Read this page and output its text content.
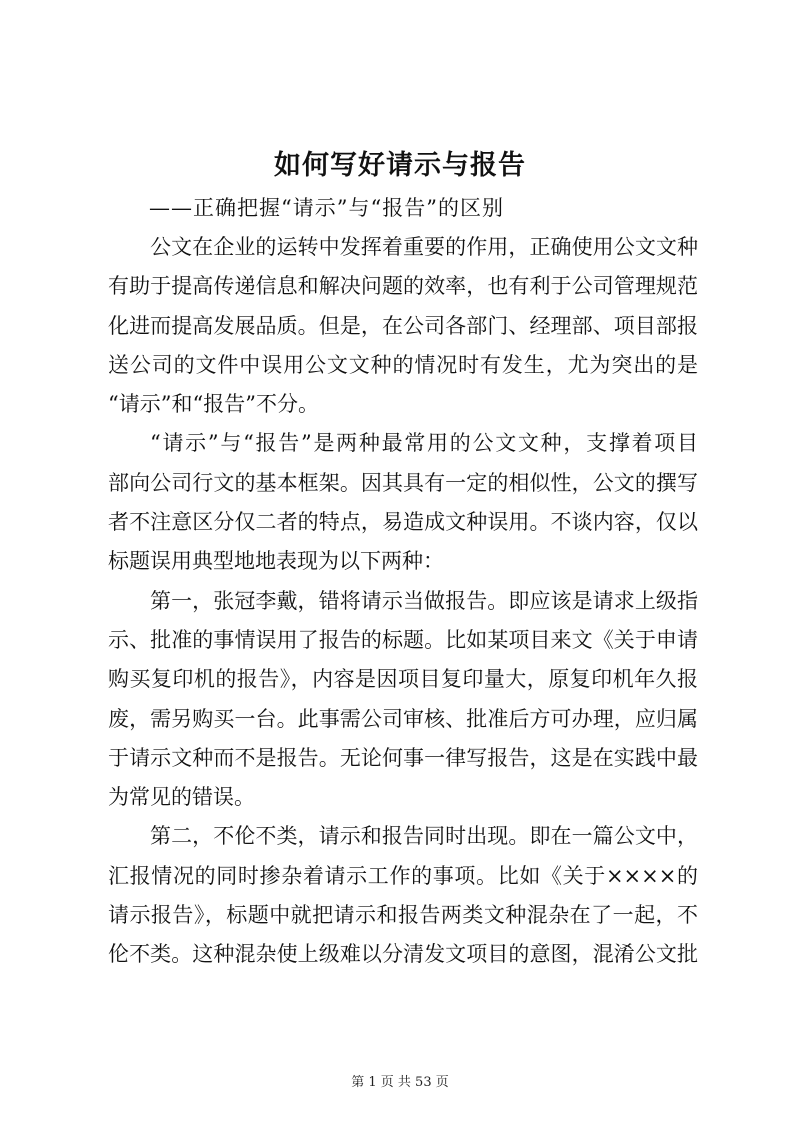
如何写好请示与报告
——正确把握“请示”与“报告”的区别
公文在企业的运转中发挥着重要的作用，正确使用公文文种
有助于提高传递信息和解决问题的效率，也有利于公司管理规范
化进而提高发展品质。但是，在公司各部门、经理部、项目部报
送公司的文件中误用公文文种的情况时有发生，尤为突出的是
“请示”和“报告”不分。
“请示”与“报告”是两种最常用的公文文种，支撑着项目
部向公司行文的基本框架。因其具有一定的相似性，公文的撰写
者不注意区分仅二者的特点，易造成文种误用。不谈内容，仅以
标题误用典型地地表现为以下两种：
第一，张冠李戴，错将请示当做报告。即应该是请求上级指
示、批准的事情误用了报告的标题。比如某项目来文《关于申请
购买复印机的报告》，内容是因项目复印量大，原复印机年久报
废，需另购买一台。此事需公司审核、批准后方可办理，应归属
于请示文种而不是报告。无论何事一律写报告，这是在实践中最
为常见的错误。
第二，不伦不类，请示和报告同时出现。即在一篇公文中，
汇报情况的同时掺杂着请示工作的事项。比如《关于××××的
请示报告》，标题中就把请示和报告两类文种混杂在了一起，不
伦不类。这种混杂使上级难以分清发文项目的意图，混淆公文批
第 1 页 共 53 页
